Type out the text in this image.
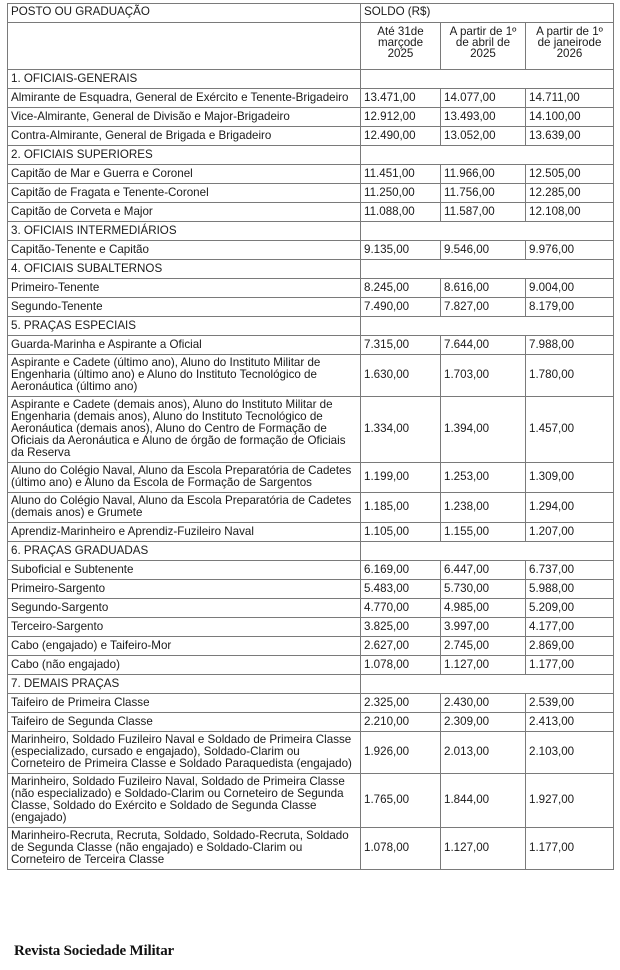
POSTO OU GRADUAÇÃO	SOLDO (R$)		

	Até 31de marçode 2025	A partir de 1º de abril de 2025	A partir de 1º de janeirode 2026

1. OFICIAIS-GENERAIS			
Almirante de Esquadra, General de Exército e Tenente-Brigadeiro	13.471,00	14.077,00	14.711,00
Vice-Almirante, General de Divisão e Major-Brigadeiro	12.912,00	13.493,00	14.100,00
Contra-Almirante, General de Brigada e Brigadeiro	12.490,00	13.052,00	13.639,00
2. OFICIAIS SUPERIORES			
Capitão de Mar e Guerra e Coronel	11.451,00	11.966,00	12.505,00
Capitão de Fragata e Tenente-Coronel	11.250,00	11.756,00	12.285,00
Capitão de Corveta e Major	11.088,00	11.587,00	12.108,00
3. OFICIAIS INTERMEDIÁRIOS			
Capitão-Tenente e Capitão	9.135,00	9.546,00	9.976,00
4. OFICIAIS SUBALTERNOS			
Primeiro-Tenente	8.245,00	8.616,00	9.004,00
Segundo-Tenente	7.490,00	7.827,00	8.179,00
5. PRAÇAS ESPECIAIS			
Guarda-Marinha e Aspirante a Oficial	7.315,00	7.644,00	7.988,00
Aspirante e Cadete (último ano), Aluno do Instituto Militar de Engenharia (último ano) e Aluno do Instituto Tecnológico de Aeronáutica (último ano)	1.630,00	1.703,00	1.780,00
Aspirante e Cadete (demais anos), Aluno do Instituto Militar de Engenharia (demais anos), Aluno do Instituto Tecnológico de Aeronáutica (demais anos), Aluno do Centro de Formação de Oficiais da Aeronáutica e Aluno de órgão de formação de Oficiais da Reserva	1.334,00	1.394,00	1.457,00
Aluno do Colégio Naval, Aluno da Escola Preparatória de Cadetes (último ano) e Aluno da Escola de Formação de Sargentos	1.199,00	1.253,00	1.309,00
Aluno do Colégio Naval, Aluno da Escola Preparatória de Cadetes (demais anos) e Grumete	1.185,00	1.238,00	1.294,00
Aprendiz-Marinheiro e Aprendiz-Fuzileiro Naval	1.105,00	1.155,00	1.207,00
6. PRAÇAS GRADUADAS			
Suboficial e Subtenente	6.169,00	6.447,00	6.737,00
Primeiro-Sargento	5.483,00	5.730,00	5.988,00
Segundo-Sargento	4.770,00	4.985,00	5.209,00
Terceiro-Sargento	3.825,00	3.997,00	4.177,00
Cabo (engajado) e Taifeiro-Mor	2.627,00	2.745,00	2.869,00
Cabo (não engajado)	1.078,00	1.127,00	1.177,00
7. DEMAIS PRAÇAS			
Taifeiro de Primeira Classe	2.325,00	2.430,00	2.539,00
Taifeiro de Segunda Classe	2.210,00	2.309,00	2.413,00
Marinheiro, Soldado Fuzileiro Naval e Soldado de Primeira Classe (especializado, cursado e engajado), Soldado-Clarim ou Corneteiro de Primeira Classe e Soldado Paraquedista (engajado)	1.926,00	2.013,00	2.103,00
Marinheiro, Soldado Fuzileiro Naval, Soldado de Primeira Classe (não especializado) e Soldado-Clarim ou Corneteiro de Segunda Classe, Soldado do Exército e Soldado de Segunda Classe (engajado)	1.765,00	1.844,00	1.927,00
Marinheiro-Recruta, Recruta, Soldado, Soldado-Recruta, Soldado de Segunda Classe (não engajado) e Soldado-Clarim ou Corneteiro de Terceira Classe	1.078,00	1.127,00	1.177,00
Revista Sociedade Militar
